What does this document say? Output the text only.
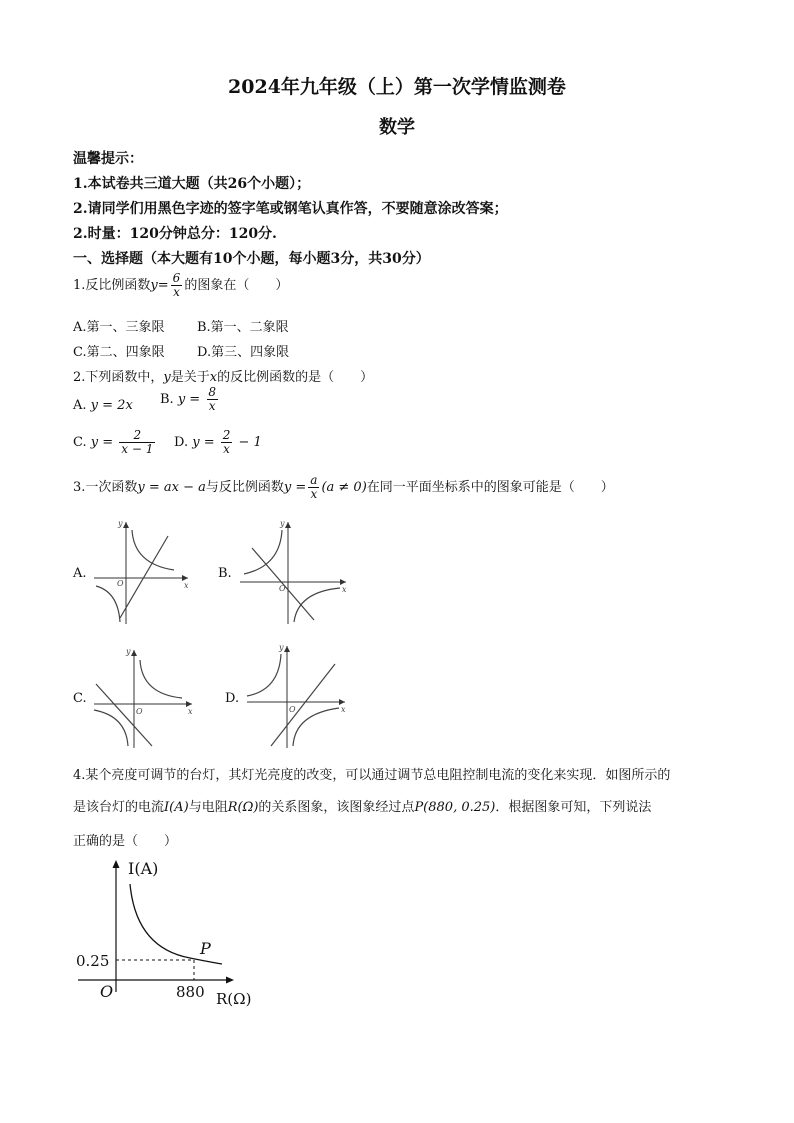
2024年九年级（上）第一次学情监测卷
数学
温馨提示：
1.本试卷共三道大题（共26个小题）；
2.请同学们用黑色字迹的签字笔或钢笔认真作答，不要随意涂改答案；
2.时量：120分钟总分：120分.
一、选择题（本大题有10个小题，每小题3分，共30分）
1.反比例函数$y= \frac{6}{x}$ 的图象在（　　）
A.第一、三象限 B.第一、二象限
C.第二、四象限 D.第三、四象限
2.下列函数中，y是关于x的反比例函数的是（　　）
A. y = 2x B. $y = \frac{8}{x}$
C. $y = \frac{2}{x - 1} D$. $y = \frac{2}{x} - 1$
3.一次函数y = ax − a与反比例函数$y = \frac{a}{x} (a \ne 0)$在同一平面坐标系中的图象可能是（　　）
A.
y
x
O
B.
y
x
O
C.
y
x
O
D.
y
x
O
4.某个亮度可调节的台灯，其灯光亮度的改变，可以通过调节总电阻控制电流的变化来实现．如图所示的
是该台灯的电流I(A)与电阻R(Ω)的关系图象，该图象经过点P(880, 0.25)．根据图象可知，下列说法
正确的是（　　）
I(A)
R(Ω)
O
P
0.25
880
